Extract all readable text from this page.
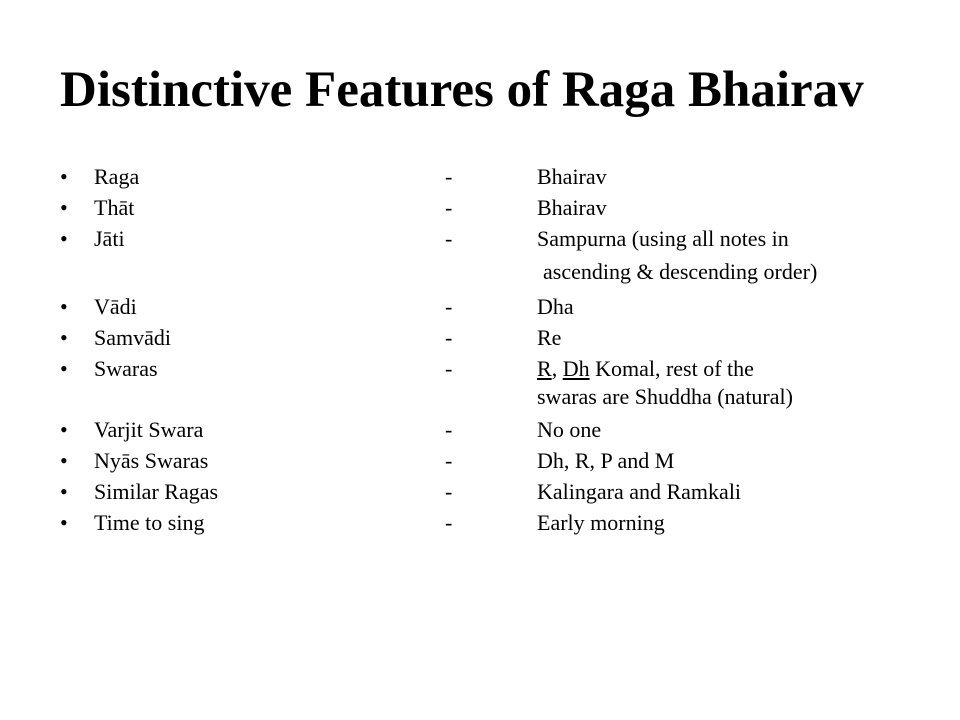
Distinctive Features of Raga Bhairav
• Raga	-	Bhairav
• Thāt	-	Bhairav
• Jāti	-	Sampurna (using all notes in
ascending & descending order)
• Vādi	-	Dha
• Samvādi	-	Re
• Swaras	-	R, Dh Komal, rest of the
swaras are Shuddha (natural)
• Varjit Swara	-	No one
• Nyās Swaras	-	Dh, R, P and M
• Similar Ragas	-	Kalingara and Ramkali
• Time to sing	-	Early morning
